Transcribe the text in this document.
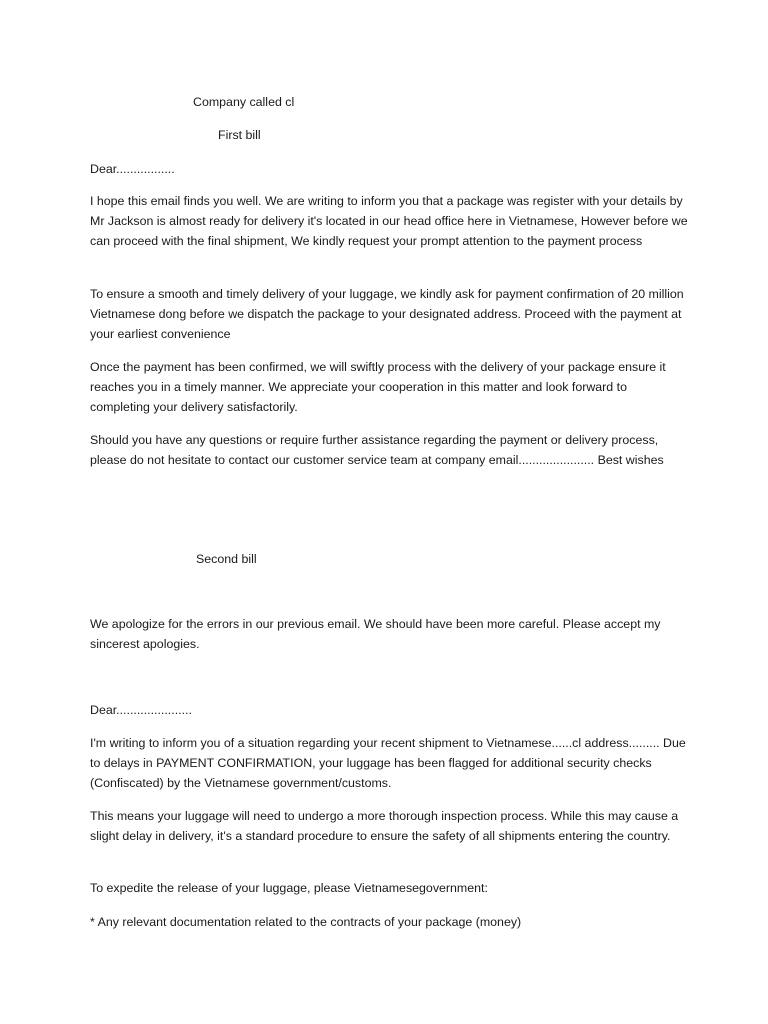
Company called cl

First bill

Dear.................

I hope this email finds you well. We are writing to inform you that a package was register with your details by Mr Jackson is almost ready for delivery it's located in our head office here in Vietnamese, However before we can proceed with the final shipment, We kindly request your prompt attention to the payment process

To ensure a smooth and timely delivery of your luggage, we kindly ask for payment confirmation of 20 million Vietnamese dong before we dispatch the package to your designated address. Proceed with the payment at your earliest convenience

Once the payment has been confirmed, we will swiftly process with the delivery of your package ensure it reaches you in a timely manner. We appreciate your cooperation in this matter and look forward to completing your delivery satisfactorily.

Should you have any questions or require further assistance regarding the payment or delivery process, please do not hesitate to contact our customer service team at company email...................... Best wishes

Second bill

We apologize for the errors in our previous email. We should have been more careful. Please accept my sincerest apologies.

Dear......................

I'm writing to inform you of a situation regarding your recent shipment to Vietnamese......cl address......... Due to delays in PAYMENT CONFIRMATION, your luggage has been flagged for additional security checks (Confiscated) by the Vietnamese government/customs.

This means your luggage will need to undergo a more thorough inspection process. While this may cause a slight delay in delivery, it's a standard procedure to ensure the safety of all shipments entering the country.

To expedite the release of your luggage, please Vietnamesegovernment:

* Any relevant documentation related to the contracts of your package (money)
